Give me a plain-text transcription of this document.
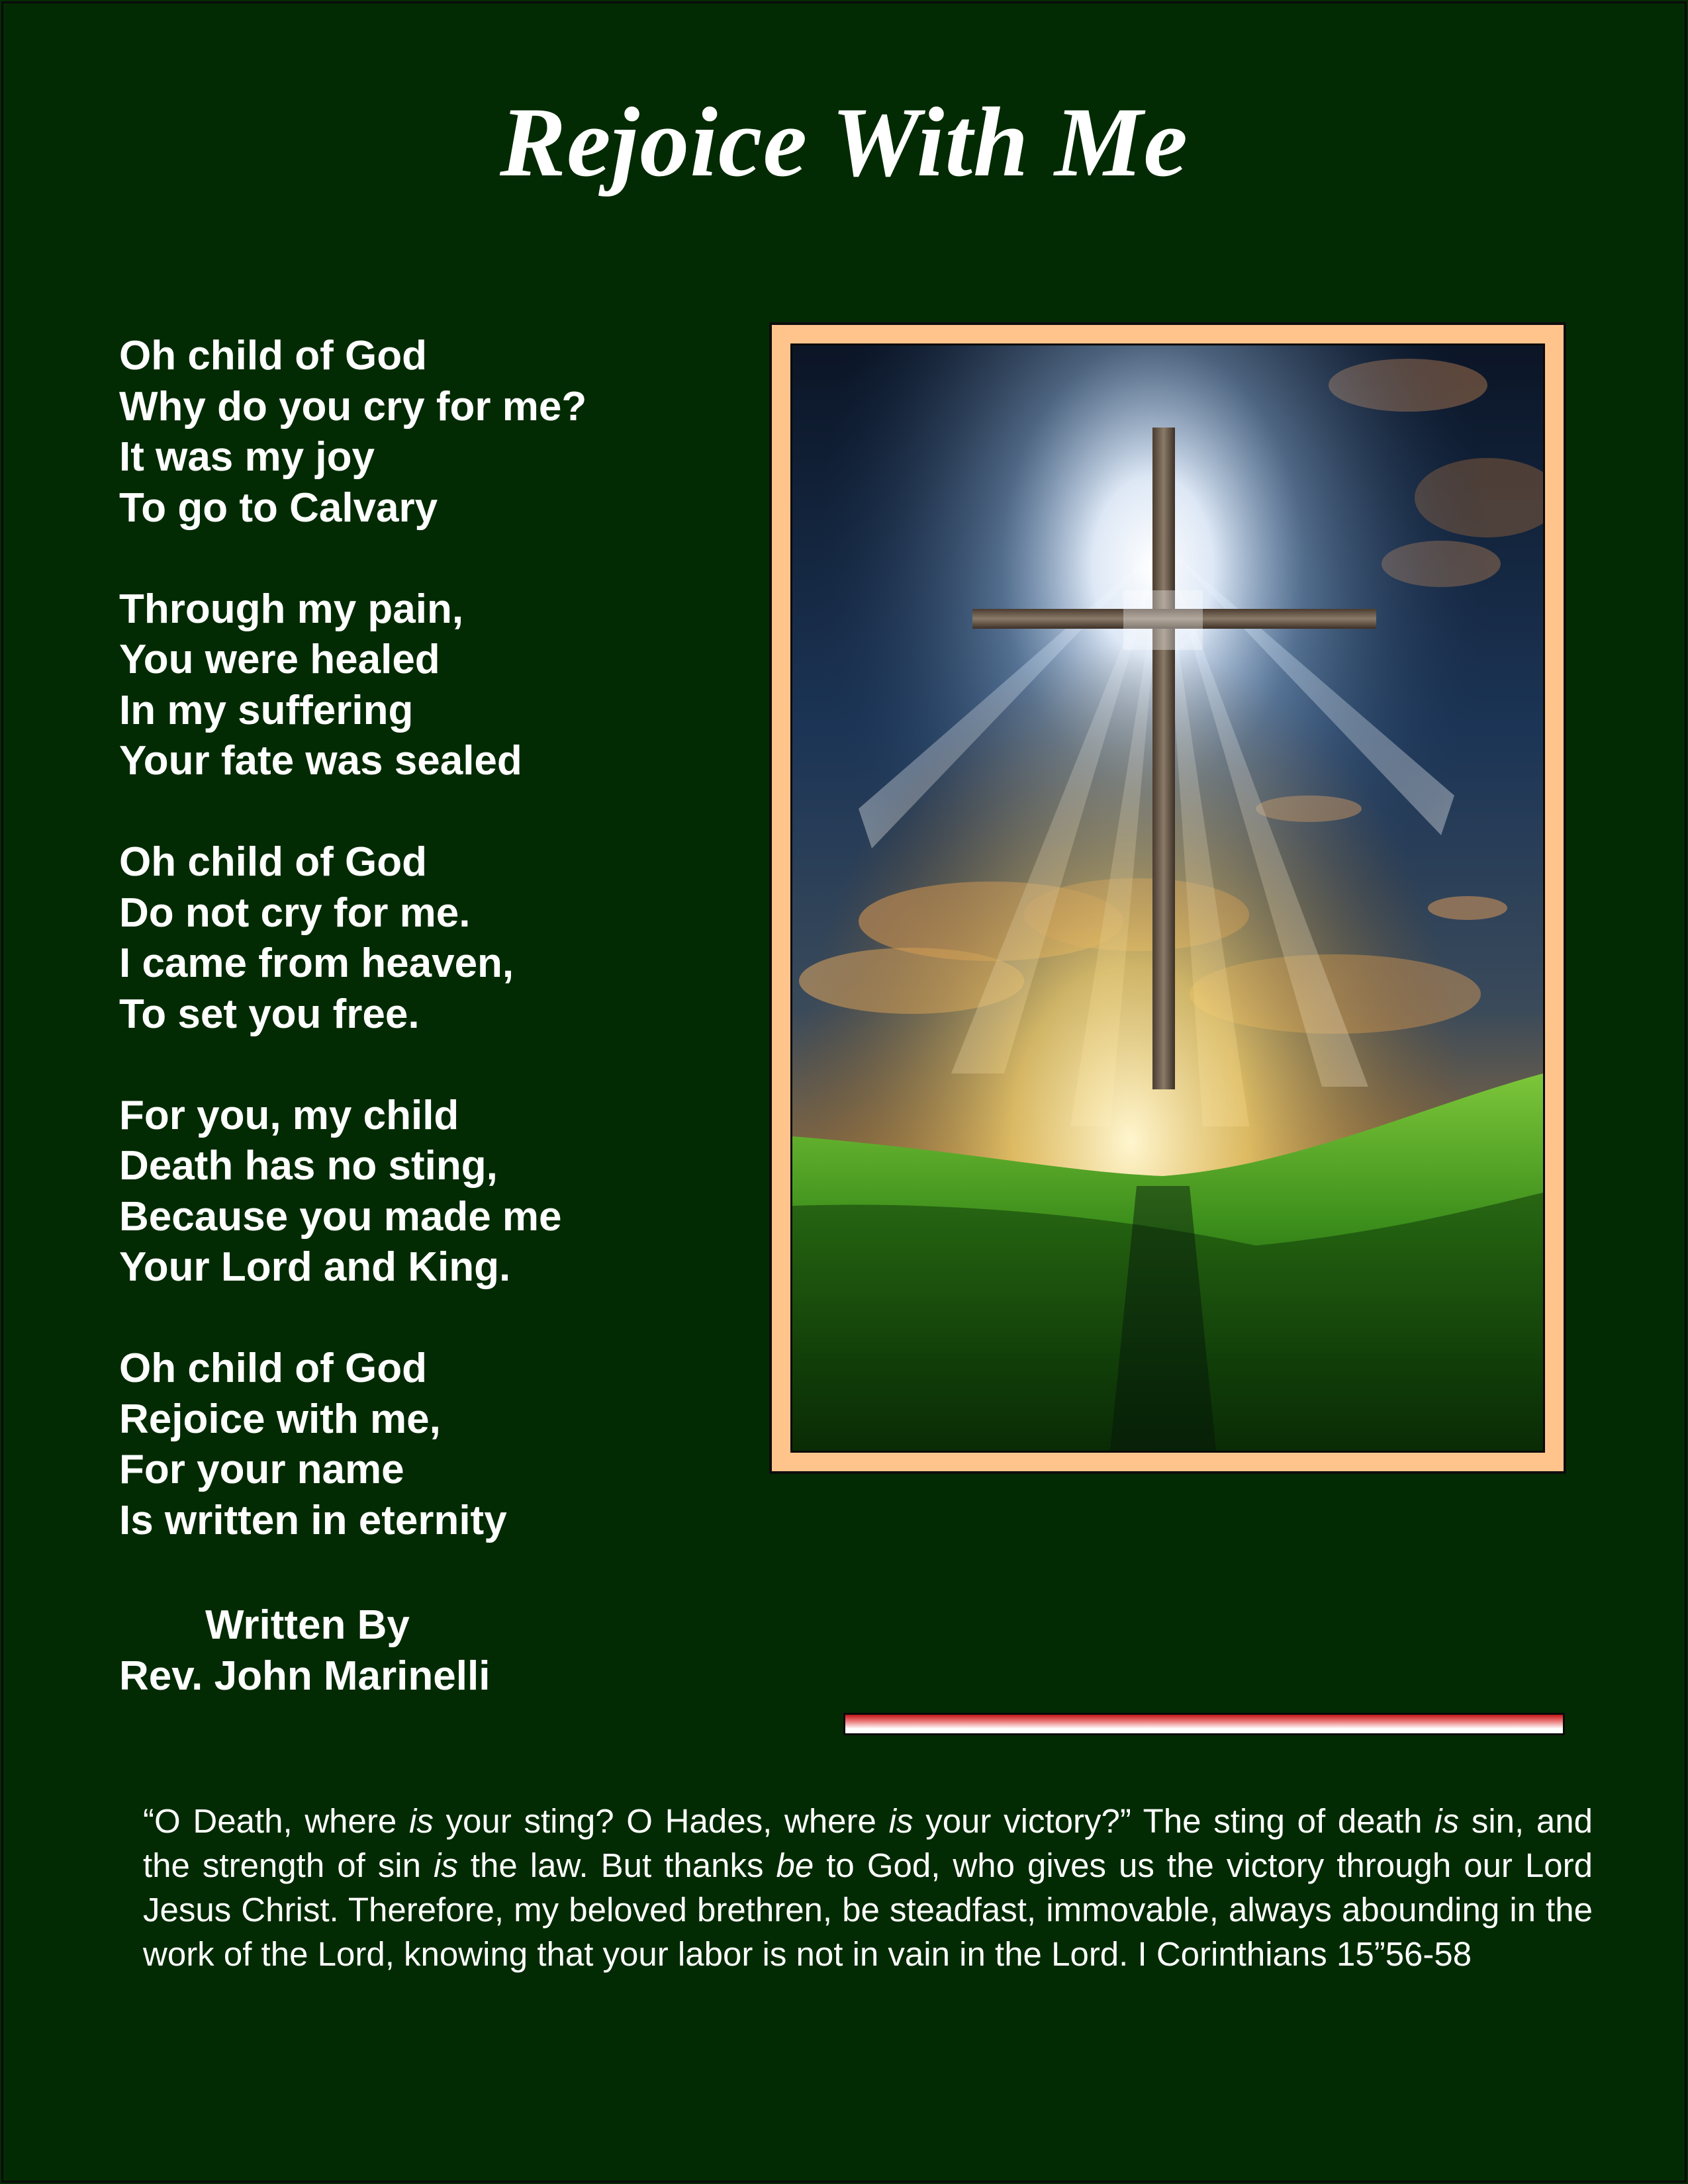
Rejoice With Me
Oh child of God
Why do you cry for me?
It was my joy
To go to Calvary
Through my pain,
You were healed
In my suffering
Your fate was sealed
Oh child of God
Do not cry for me.
I came from heaven,
To set you free.
For you, my child
Death has no sting,
Because you made me
Your Lord and King.
Oh child of God
Rejoice with me,
For your name
Is written in eternity
Written By
Rev. John Marinelli

“O Death, where is your sting? O Hades, where is your victory?” The sting of death is sin, and the strength of sin is the law. But thanks be to God, who gives us the victory through our Lord Jesus Christ. Therefore, my beloved brethren, be steadfast, immovable, always abounding in the work of the Lord, knowing that your labor is not in vain in the Lord. I Corinthians 15”56-58
